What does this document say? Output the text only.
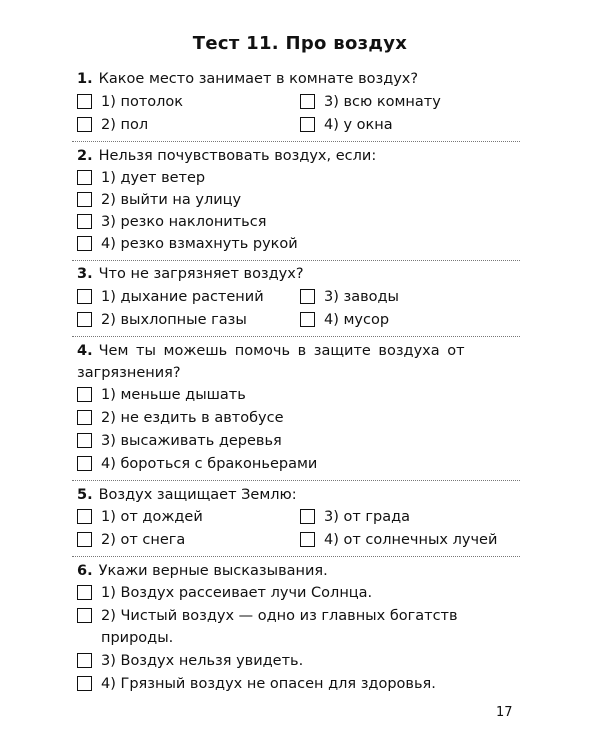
Тест 11. Про воздух
1. Какое место занимает в комнате воздух?
1) потолок
2) пол
3) всю комнату
4) у окна
2. Нельзя почувствовать воздух, если:
1) дует ветер
2) выйти на улицу
3) резко наклониться
4) резко взмахнуть рукой
3. Что не загрязняет воздух?
1) дыхание растений
2) выхлопные газы
3) заводы
4) мусор
4. Чем ты можешь помочь в защите воздуха от загрязнения?
1) меньше дышать
2) не ездить в автобусе
3) высаживать деревья
4) бороться с браконьерами
5. Воздух защищает Землю:
1) от дождей
2) от снега
3) от града
4) от солнечных лучей
6. Укажи верные высказывания.
1) Воздух рассеивает лучи Солнца.
2) Чистый воздух — одно из главных богатств природы.
3) Воздух нельзя увидеть.
4) Грязный воздух не опасен для здоровья.
17
